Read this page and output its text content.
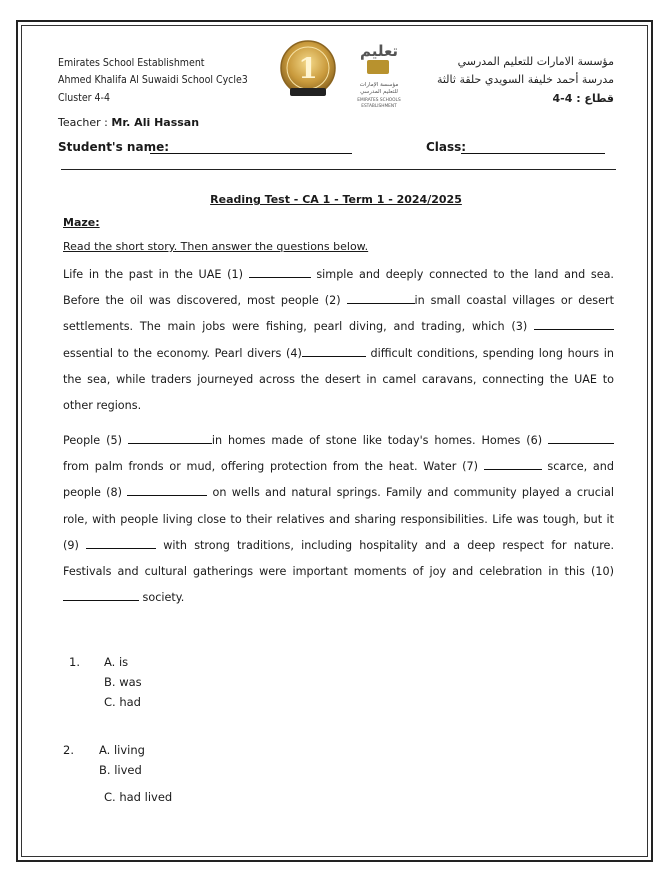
Emirates School Establishment
Ahmed Khalifa Al Suwaidi School Cycle3
Cluster 4-4
1
تعليم
مؤسسة الإمارات
للتعليم المدرسي
EMIRATES SCHOOLS
ESTABLISHMENT
مؤسسة الامارات للتعليم المدرسي
مدرسة أحمد خليفة السويدي حلقة ثالثة
قطاع : 4-4
Teacher : Mr. Ali Hassan
Student's name:	Class:
Reading Test - CA 1 - Term 1 - 2024/2025
Maze:
Read the short story. Then answer the questions below.
Life in the past in the UAE (1)	simple and deeply connected to the land and sea. Before the oil was discovered, most people (2)	in small coastal villages or desert settlements. The main jobs were fishing, pearl diving, and trading, which (3)  essential to the economy. Pearl divers (4)	difficult conditions, spending long hours in the sea, while traders journeyed across the desert in camel caravans, connecting the UAE to other regions.
People (5)	in homes made of stone like today's homes. Homes (6)  from palm fronds or mud, offering protection from the heat. Water (7)	scarce, and people (8)	on wells and natural springs. Family and community played a crucial role, with people living close to their relatives and sharing responsibilities. Life was tough, but it (9)	with strong traditions, including hospitality and a deep respect for nature. Festivals and cultural gatherings were important moments of joy and celebration in this (10)  society.
1. A. is
B. was
C. had
2. A. living
B. lived
C. had lived
